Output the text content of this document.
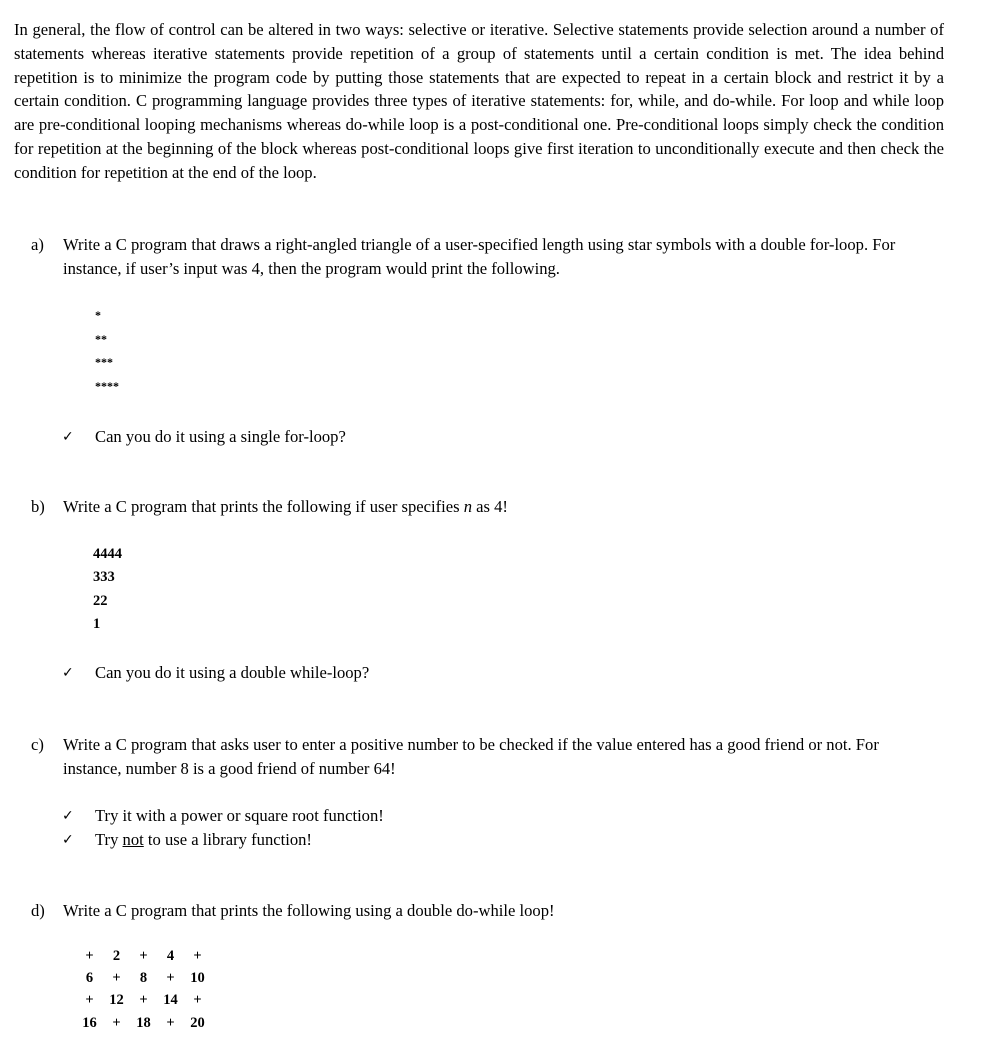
In general, the flow of control can be altered in two ways: selective or iterative. Selective statements provide selection around a number of statements whereas iterative statements provide repetition of a group of statements until a certain condition is met. The idea behind repetition is to minimize the program code by putting those statements that are expected to repeat in a certain block and restrict it by a certain condition. C programming language provides three types of iterative statements: for, while, and do-while. For loop and while loop are pre-conditional looping mechanisms whereas do-while loop is a post-conditional one. Pre-conditional loops simply check the condition for repetition at the beginning of the block whereas post-conditional loops give first iteration to unconditionally execute and then check the condition for repetition at the end of the loop.

a)	Write a C program that draws a right-angled triangle of a user-specified length using star symbols with a double for-loop. For instance, if user’s input was 4, then the program would print the following.
*
**
***
****
✓ Can you do it using a single for-loop?
b)	Write a C program that prints the following if user specifies n as 4!
4444
333
22
1
✓ Can you do it using a double while-loop?
c)	Write a C program that asks user to enter a positive number to be checked if the value entered has a good friend or not. For instance, number 8 is a good friend of number 64!
✓ Try it with a power or square root function!
✓ Try not to use a library function!
d)	Write a C program that prints the following using a double do-while loop!
+	2	+	4	+
6	+	8	+	10
+	12	+	14	+
16	+	18	+	20
